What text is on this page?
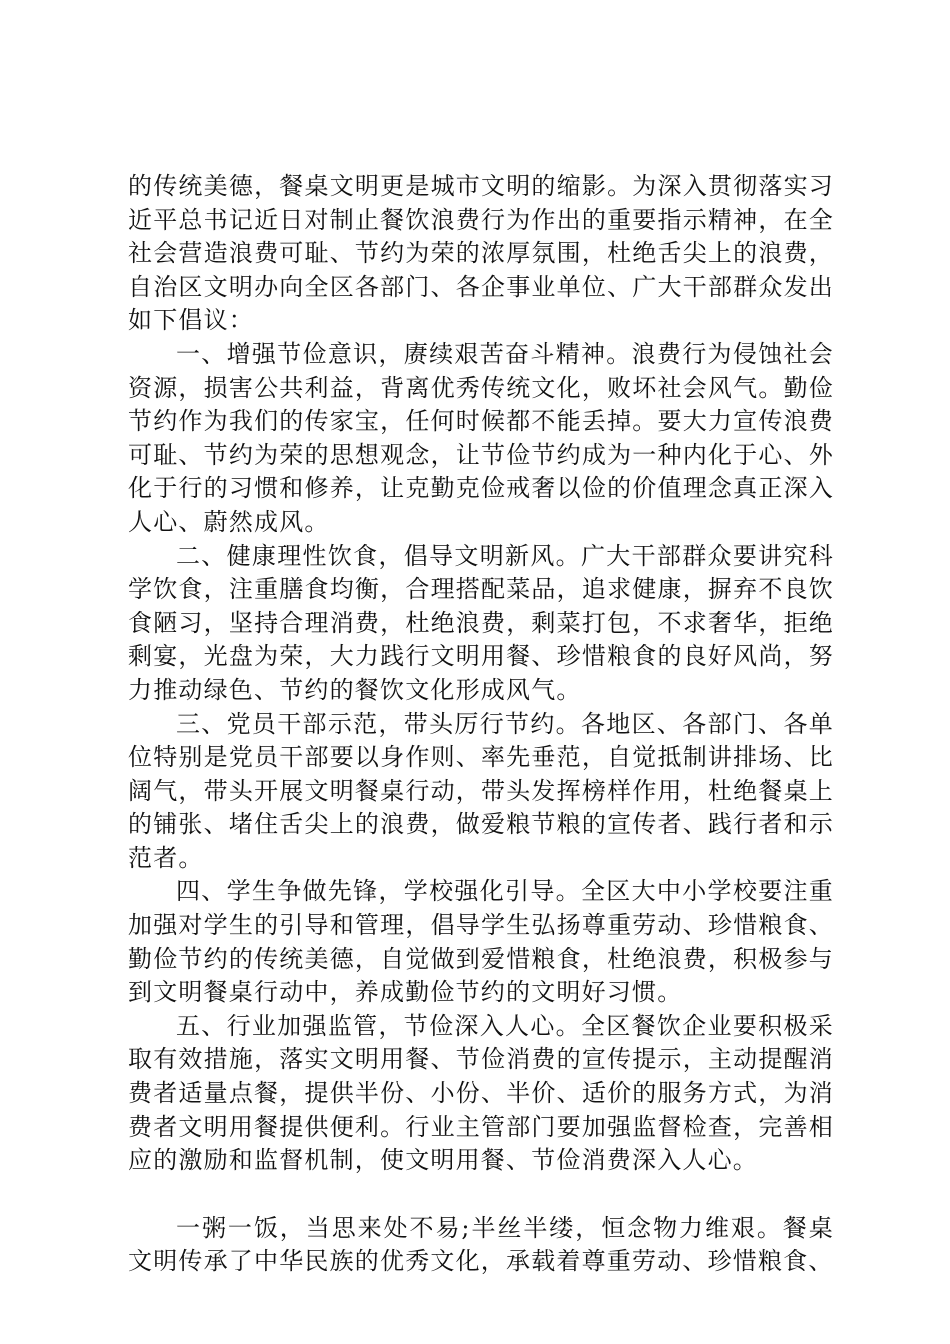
的传统美德，餐桌文明更是城市文明的缩影。为深入贯彻落实习近平总书记近日对制止餐饮浪费行为作出的重要指示精神，在全社会营造浪费可耻、节约为荣的浓厚氛围，杜绝舌尖上的浪费，自治区文明办向全区各部门、各企事业单位、广大干部群众发出如下倡议：

一、增强节俭意识，赓续艰苦奋斗精神。浪费行为侵蚀社会资源，损害公共利益，背离优秀传统文化，败坏社会风气。勤俭节约作为我们的传家宝，任何时候都不能丢掉。要大力宣传浪费可耻、节约为荣的思想观念，让节俭节约成为一种内化于心、外化于行的习惯和修养，让克勤克俭戒奢以俭的价值理念真正深入人心、蔚然成风。

二、健康理性饮食，倡导文明新风。广大干部群众要讲究科学饮食，注重膳食均衡，合理搭配菜品，追求健康，摒弃不良饮食陋习，坚持合理消费，杜绝浪费，剩菜打包，不求奢华，拒绝剩宴，光盘为荣，大力践行文明用餐、珍惜粮食的良好风尚，努力推动绿色、节约的餐饮文化形成风气。

三、党员干部示范，带头厉行节约。各地区、各部门、各单位特别是党员干部要以身作则、率先垂范，自觉抵制讲排场、比阔气，带头开展文明餐桌行动，带头发挥榜样作用，杜绝餐桌上的铺张、堵住舌尖上的浪费，做爱粮节粮的宣传者、践行者和示范者。

四、学生争做先锋，学校强化引导。全区大中小学校要注重加强对学生的引导和管理，倡导学生弘扬尊重劳动、珍惜粮食、勤俭节约的传统美德，自觉做到爱惜粮食，杜绝浪费，积极参与到文明餐桌行动中，养成勤俭节约的文明好习惯。

五、行业加强监管，节俭深入人心。全区餐饮企业要积极采取有效措施，落实文明用餐、节俭消费的宣传提示，主动提醒消费者适量点餐，提供半份、小份、半价、适价的服务方式，为消费者文明用餐提供便利。行业主管部门要加强监督检查，完善相应的激励和监督机制，使文明用餐、节俭消费深入人心。

一粥一饭，当思来处不易;半丝半缕，恒念物力维艰。餐桌文明传承了中华民族的优秀文化，承载着尊重劳动、珍惜粮食、
